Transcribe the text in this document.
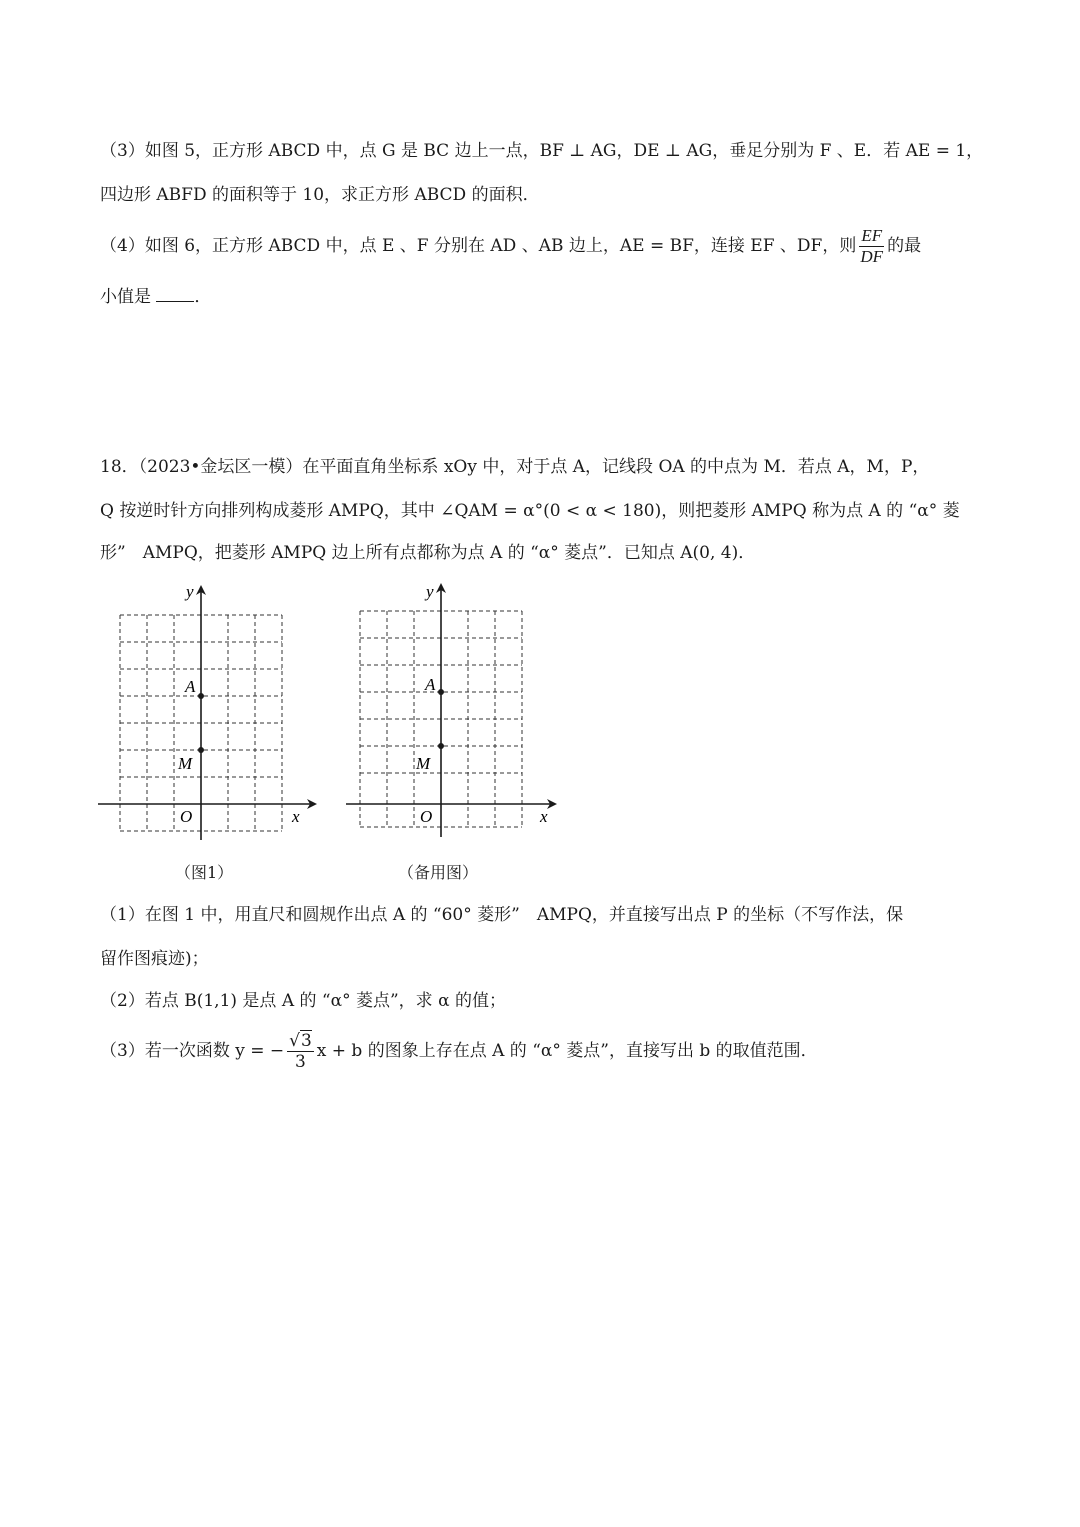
（3）如图 5，正方形 ABCD 中，点 G 是 BC 边上一点，BF ⊥ AG，DE ⊥ AG，垂足分别为 F 、E．若 AE = 1，
四边形 ABFD 的面积等于 10，求正方形 ABCD 的面积．
（4）如图 6，正方形 ABCD 中，点 E 、F 分别在 AD 、AB 边上，AE = BF，连接 EF 、DF，则 $\frac{EF}{DF}$ 的最
小值是	．
18．（2023•金坛区一模）在平面直角坐标系 xOy 中，对于点 A，记线段 OA 的中点为 M．若点 A，M，P，
Q 按逆时针方向排列构成菱形 AMPQ，其中 ∠QAM = α°(0 < α < 180)，则把菱形 AMPQ 称为点 A 的 “α° 菱
形”　AMPQ，把菱形 AMPQ 边上所有点都称为点 A 的 “α° 菱点”．已知点 A(0, 4)．
y
x
O
A
M
（图1）
y
x
O
A
M
（备用图）
（1）在图 1 中，用直尺和圆规作出点 A 的 “60° 菱形”　AMPQ，并直接写出点 P 的坐标（不写作法，保
留作图痕迹)；
（2）若点 B(1,1) 是点 A 的 “α° 菱点”，求 α 的值；
（3）若一次函数 y = − $\frac{√3}{3}$ x + b 的图象上存在点 A 的 “α° 菱点”，直接写出 b 的取值范围．
